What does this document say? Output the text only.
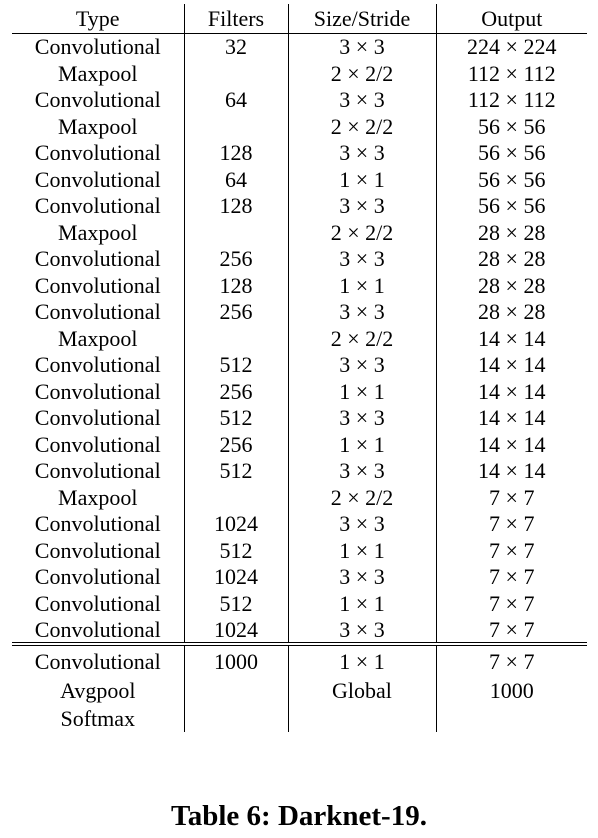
Type	Filters	Size/Stride	Output
Convolutional	32	3 × 3	224 × 224
Maxpool		2 × 2/2	112 × 112
Convolutional	64	3 × 3	112 × 112
Maxpool		2 × 2/2	56 × 56
Convolutional	128	3 × 3	56 × 56
Convolutional	64	1 × 1	56 × 56
Convolutional	128	3 × 3	56 × 56
Maxpool		2 × 2/2	28 × 28
Convolutional	256	3 × 3	28 × 28
Convolutional	128	1 × 1	28 × 28
Convolutional	256	3 × 3	28 × 28
Maxpool		2 × 2/2	14 × 14
Convolutional	512	3 × 3	14 × 14
Convolutional	256	1 × 1	14 × 14
Convolutional	512	3 × 3	14 × 14
Convolutional	256	1 × 1	14 × 14
Convolutional	512	3 × 3	14 × 14
Maxpool		2 × 2/2	7 × 7
Convolutional	1024	3 × 3	7 × 7
Convolutional	512	1 × 1	7 × 7
Convolutional	1024	3 × 3	7 × 7
Convolutional	512	1 × 1	7 × 7
Convolutional	1024	3 × 3	7 × 7
Convolutional	1000	1 × 1	7 × 7
Avgpool		Global	1000
Softmax			
Table 6: Darknet-19.
